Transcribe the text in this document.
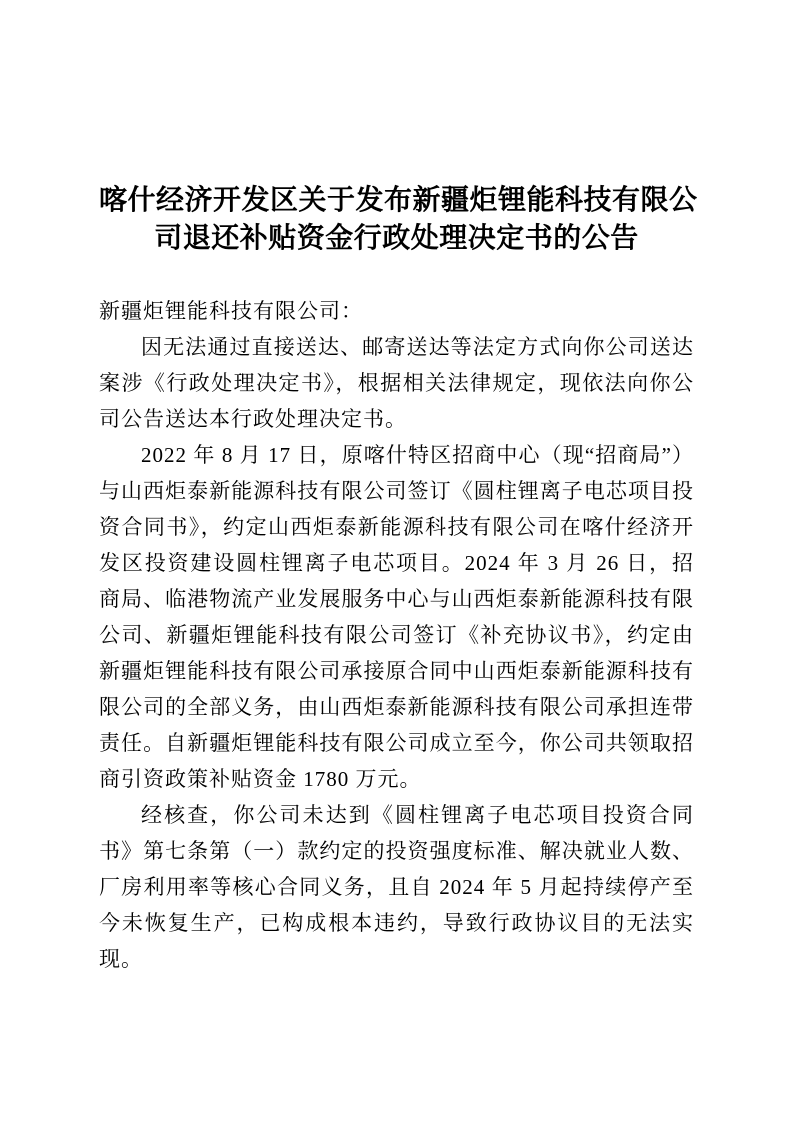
喀什经济开发区关于发布新疆炬锂能科技有限公
司退还补贴资金行政处理决定书的公告

新疆炬锂能科技有限公司：

因无法通过直接送达、邮寄送达等法定方式向你公司送达案涉《行政处理决定书》，根据相关法律规定，现依法向你公司公告送达本行政处理决定书。

2022 年 8 月 17 日，原喀什特区招商中心（现“招商局”）与山西炬泰新能源科技有限公司签订《圆柱锂离子电芯项目投资合同书》，约定山西炬泰新能源科技有限公司在喀什经济开发区投资建设圆柱锂离子电芯项目。2024 年 3 月 26 日，招商局、临港物流产业发展服务中心与山西炬泰新能源科技有限公司、新疆炬锂能科技有限公司签订《补充协议书》，约定由新疆炬锂能科技有限公司承接原合同中山西炬泰新能源科技有限公司的全部义务，由山西炬泰新能源科技有限公司承担连带责任。自新疆炬锂能科技有限公司成立至今，你公司共领取招商引资政策补贴资金 1780 万元。

经核查，你公司未达到《圆柱锂离子电芯项目投资合同书》第七条第（一）款约定的投资强度标准、解决就业人数、厂房利用率等核心合同义务，且自 2024 年 5 月起持续停产至今未恢复生产，已构成根本违约，导致行政协议目的无法实现。
